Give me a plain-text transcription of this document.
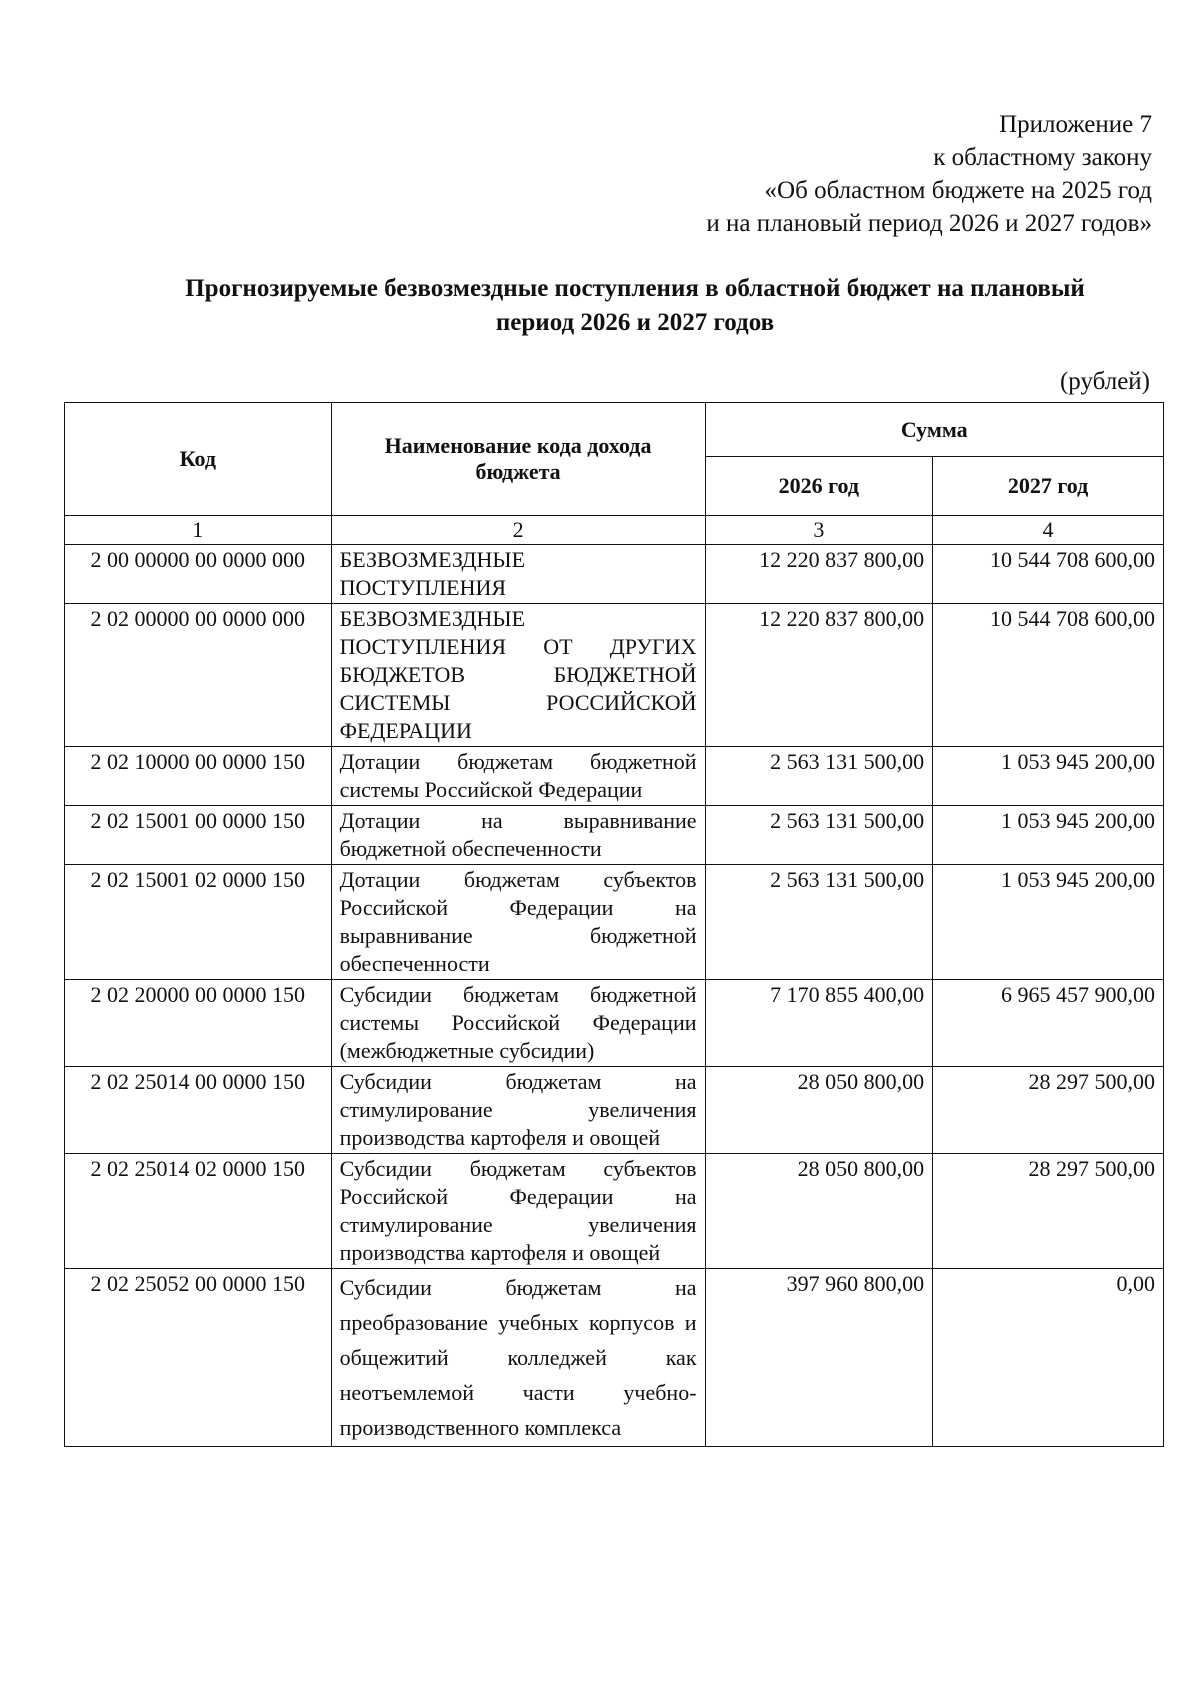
Приложение 7
к областному закону
«Об областном бюджете на 2025 год
и на плановый период 2026 и 2027 годов»
Прогнозируемые безвозмездные поступления в областной бюджет на плановый
период 2026 и 2027 годов
(рублей)
Код	Наименование кода дохода бюджета	Сумма	
		2026 год	2027 год
1	2	3	4
2 00 00000 00 0000 000	БЕЗВОЗМЕЗДНЫЕ ПОСТУПЛЕНИЯ	12 220 837 800,00	10 544 708 600,00
2 02 00000 00 0000 000	БЕЗВОЗМЕЗДНЫЕ ПОСТУПЛЕНИЯ ОТ ДРУГИХ БЮДЖЕТОВ БЮДЖЕТНОЙ СИСТЕМЫ РОССИЙСКОЙ ФЕДЕРАЦИИ	12 220 837 800,00	10 544 708 600,00
2 02 10000 00 0000 150	Дотации бюджетам бюджетной системы Российской Федерации	2 563 131 500,00	1 053 945 200,00
2 02 15001 00 0000 150	Дотации на выравнивание бюджетной обеспеченности	2 563 131 500,00	1 053 945 200,00
2 02 15001 02 0000 150	Дотации бюджетам субъектов Российской Федерации на выравнивание бюджетной обеспеченности	2 563 131 500,00	1 053 945 200,00
2 02 20000 00 0000 150	Субсидии бюджетам бюджетной системы Российской Федерации (межбюджетные субсидии)	7 170 855 400,00	6 965 457 900,00
2 02 25014 00 0000 150	Субсидии бюджетам на стимулирование увеличения производства картофеля и овощей	28 050 800,00	28 297 500,00
2 02 25014 02 0000 150	Субсидии бюджетам субъектов Российской Федерации на стимулирование увеличения производства картофеля и овощей	28 050 800,00	28 297 500,00
2 02 25052 00 0000 150	Субсидии бюджетам на преобразование учебных корпусов и общежитий колледжей как неотъемлемой части учебно-производственного комплекса	397 960 800,00	0,00
